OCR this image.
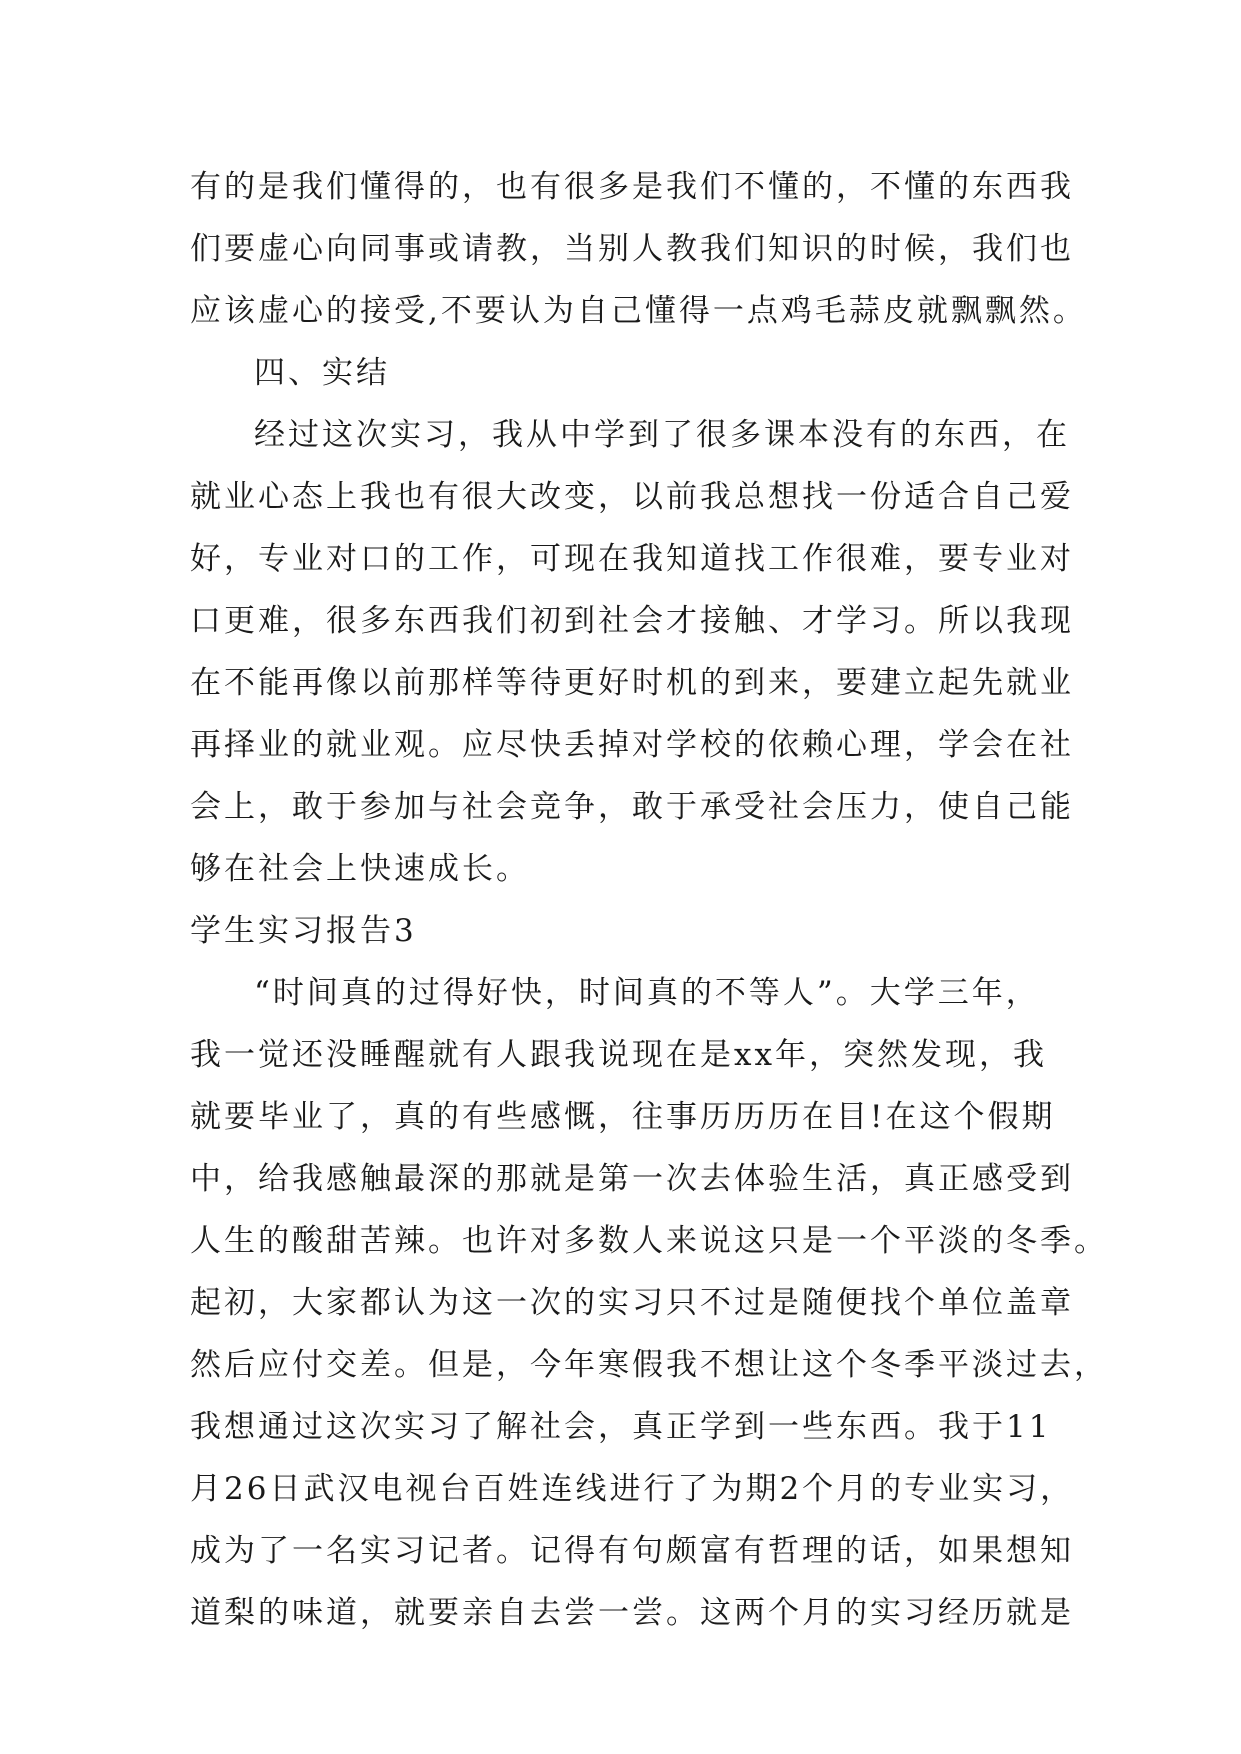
有的是我们懂得的，也有很多是我们不懂的，不懂的东西我
们要虚心向同事或请教，当别人教我们知识的时候，我们也
应该虚心的接受,不要认为自己懂得一点鸡毛蒜皮就飘飘然。
四、实结
经过这次实习，我从中学到了很多课本没有的东西，在
就业心态上我也有很大改变，以前我总想找一份适合自己爱
好，专业对口的工作，可现在我知道找工作很难，要专业对
口更难，很多东西我们初到社会才接触、才学习。所以我现
在不能再像以前那样等待更好时机的到来，要建立起先就业
再择业的就业观。应尽快丢掉对学校的依赖心理，学会在社
会上，敢于参加与社会竞争，敢于承受社会压力，使自己能
够在社会上快速成长。
学生实习报告3
“时间真的过得好快，时间真的不等人”。大学三年，
我一觉还没睡醒就有人跟我说现在是xx年，突然发现，我
就要毕业了，真的有些感慨，往事历历历在目!在这个假期
中，给我感触最深的那就是第一次去体验生活，真正感受到
人生的酸甜苦辣。也许对多数人来说这只是一个平淡的冬季。
起初，大家都认为这一次的实习只不过是随便找个单位盖章
然后应付交差。但是，今年寒假我不想让这个冬季平淡过去，
我想通过这次实习了解社会，真正学到一些东西。我于11
月26日武汉电视台百姓连线进行了为期2个月的专业实习，
成为了一名实习记者。记得有句颇富有哲理的话，如果想知
道梨的味道，就要亲自去尝一尝。这两个月的实习经历就是
